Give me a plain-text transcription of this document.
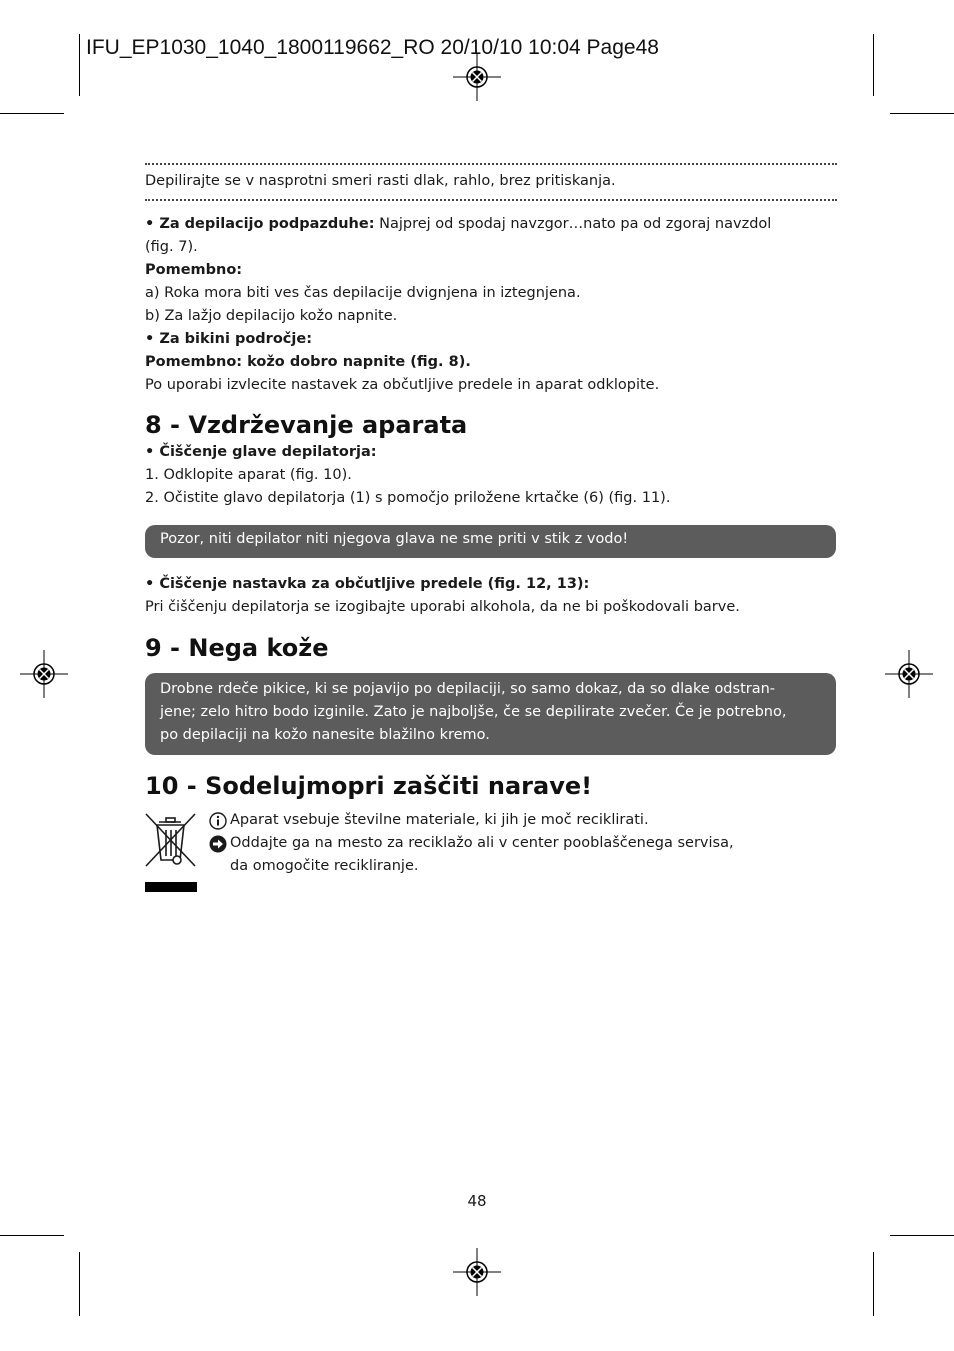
IFU_EP1030_1040_1800119662_RO 20/10/10 10:04 Page48
Depilirajte se v nasprotni smeri rasti dlak, rahlo, brez pritiskanja.
• Za depilacijo podpazduhe: Najprej od spodaj navzgor…nato pa od zgoraj navzdol
(fig. 7).
Pomembno:
a) Roka mora biti ves čas depilacije dvignjena in iztegnjena.
b) Za lažjo depilacijo kožo napnite.
• Za bikini področje:
Pomembno: kožo dobro napnite (fig. 8).
Po uporabi izvlecite nastavek za občutljive predele in aparat odklopite.
8 - Vzdrževanje aparata
• Čiščenje glave depilatorja:
1. Odklopite aparat (fig. 10).
2. Očistite glavo depilatorja (1) s pomočjo priložene krtačke (6) (fig. 11).
Pozor, niti depilator niti njegova glava ne sme priti v stik z vodo!
• Čiščenje nastavka za občutljive predele (fig. 12, 13):
Pri čiščenju depilatorja se izogibajte uporabi alkohola, da ne bi poškodovali barve.
9 - Nega kože
Drobne rdeče pikice, ki se pojavijo po depilaciji, so samo dokaz, da so dlake odstran-
jene; zelo hitro bodo izginile. Zato je najboljše, če se depilirate zvečer. Če je potrebno,
po depilaciji na kožo nanesite blažilno kremo.
10 - Sodelujmopri zaščiti narave!
Aparat vsebuje številne materiale, ki jih je moč reciklirati.
Oddajte ga na mesto za reciklažo ali v center pooblaščenega servisa,
da omogočite recikliranje.
48
